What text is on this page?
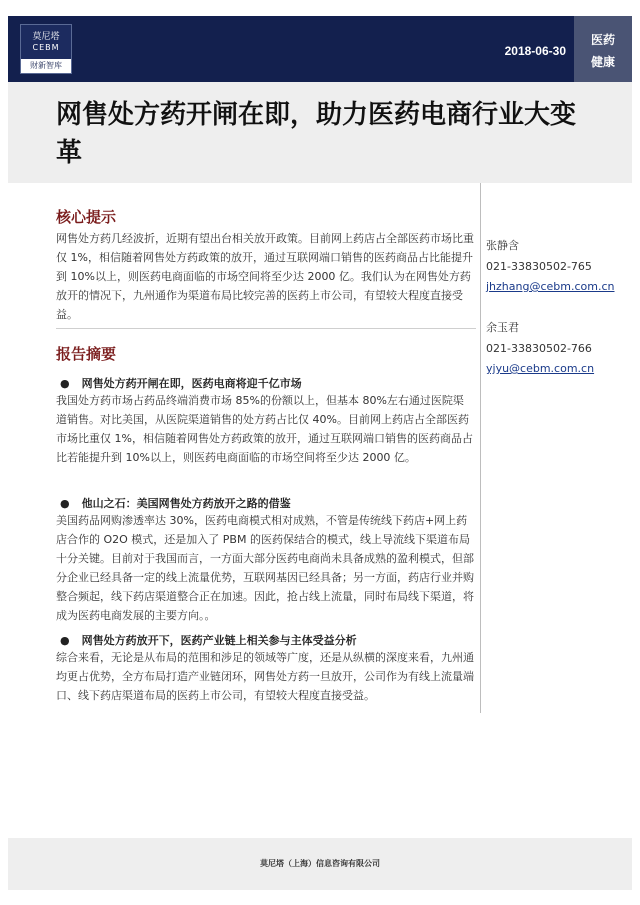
莫尼塔
CEBM
财新智库
2018-06-30
医药
健康
网售处方药开闸在即，助力医药电商行业大变革
核心提示

网售处方药几经波折，近期有望出台相关放开政策。目前网上药店占全部医药市场比重仅 1%，相信随着网售处方药政策的放开，通过互联网端口销售的医药商品占比能提升到 10%以上，则医药电商面临的市场空间将至少达 2000 亿。我们认为在网售处方药放开的情况下，九州通作为渠道布局比较完善的医药上市公司，有望较大程度直接受益。

报告摘要

● 网售处方药开闸在即，医药电商将迎千亿市场

我国处方药市场占药品终端消费市场 85%的份额以上，但基本 80%左右通过医院渠道销售。对比美国，从医院渠道销售的处方药占比仅 40%。目前网上药店占全部医药市场比重仅 1%，相信随着网售处方药政策的放开，通过互联网端口销售的医药商品占比若能提升到 10%以上，则医药电商面临的市场空间将至少达 2000 亿。

● 他山之石：美国网售处方药放开之路的借鉴

美国药品网购渗透率达 30%，医药电商模式相对成熟，不管是传统线下药店+网上药店合作的 O2O 模式，还是加入了 PBM 的医药保结合的模式，线上导流线下渠道布局十分关键。目前对于我国而言，一方面大部分医药电商尚未具备成熟的盈利模式，但部分企业已经具备一定的线上流量优势，互联网基因已经具备；另一方面，药店行业并购整合频起，线下药店渠道整合正在加速。因此，抢占线上流量，同时布局线下渠道，将成为医药电商发展的主要方向。。

● 网售处方药放开下，医药产业链上相关参与主体受益分析

综合来看，无论是从布局的范围和涉足的领域等广度，还是从纵横的深度来看，九州通均更占优势，全方布局打造产业链闭环，网售处方药一旦放开，公司作为有线上流量端口、线下药店渠道布局的医药上市公司，有望较大程度直接受益。

张静含
021-33830502-765
jhzhang@cebm.com.cn
余玉君
021-33830502-766
yjyu@cebm.com.cn
莫尼塔（上海）信息咨询有限公司
